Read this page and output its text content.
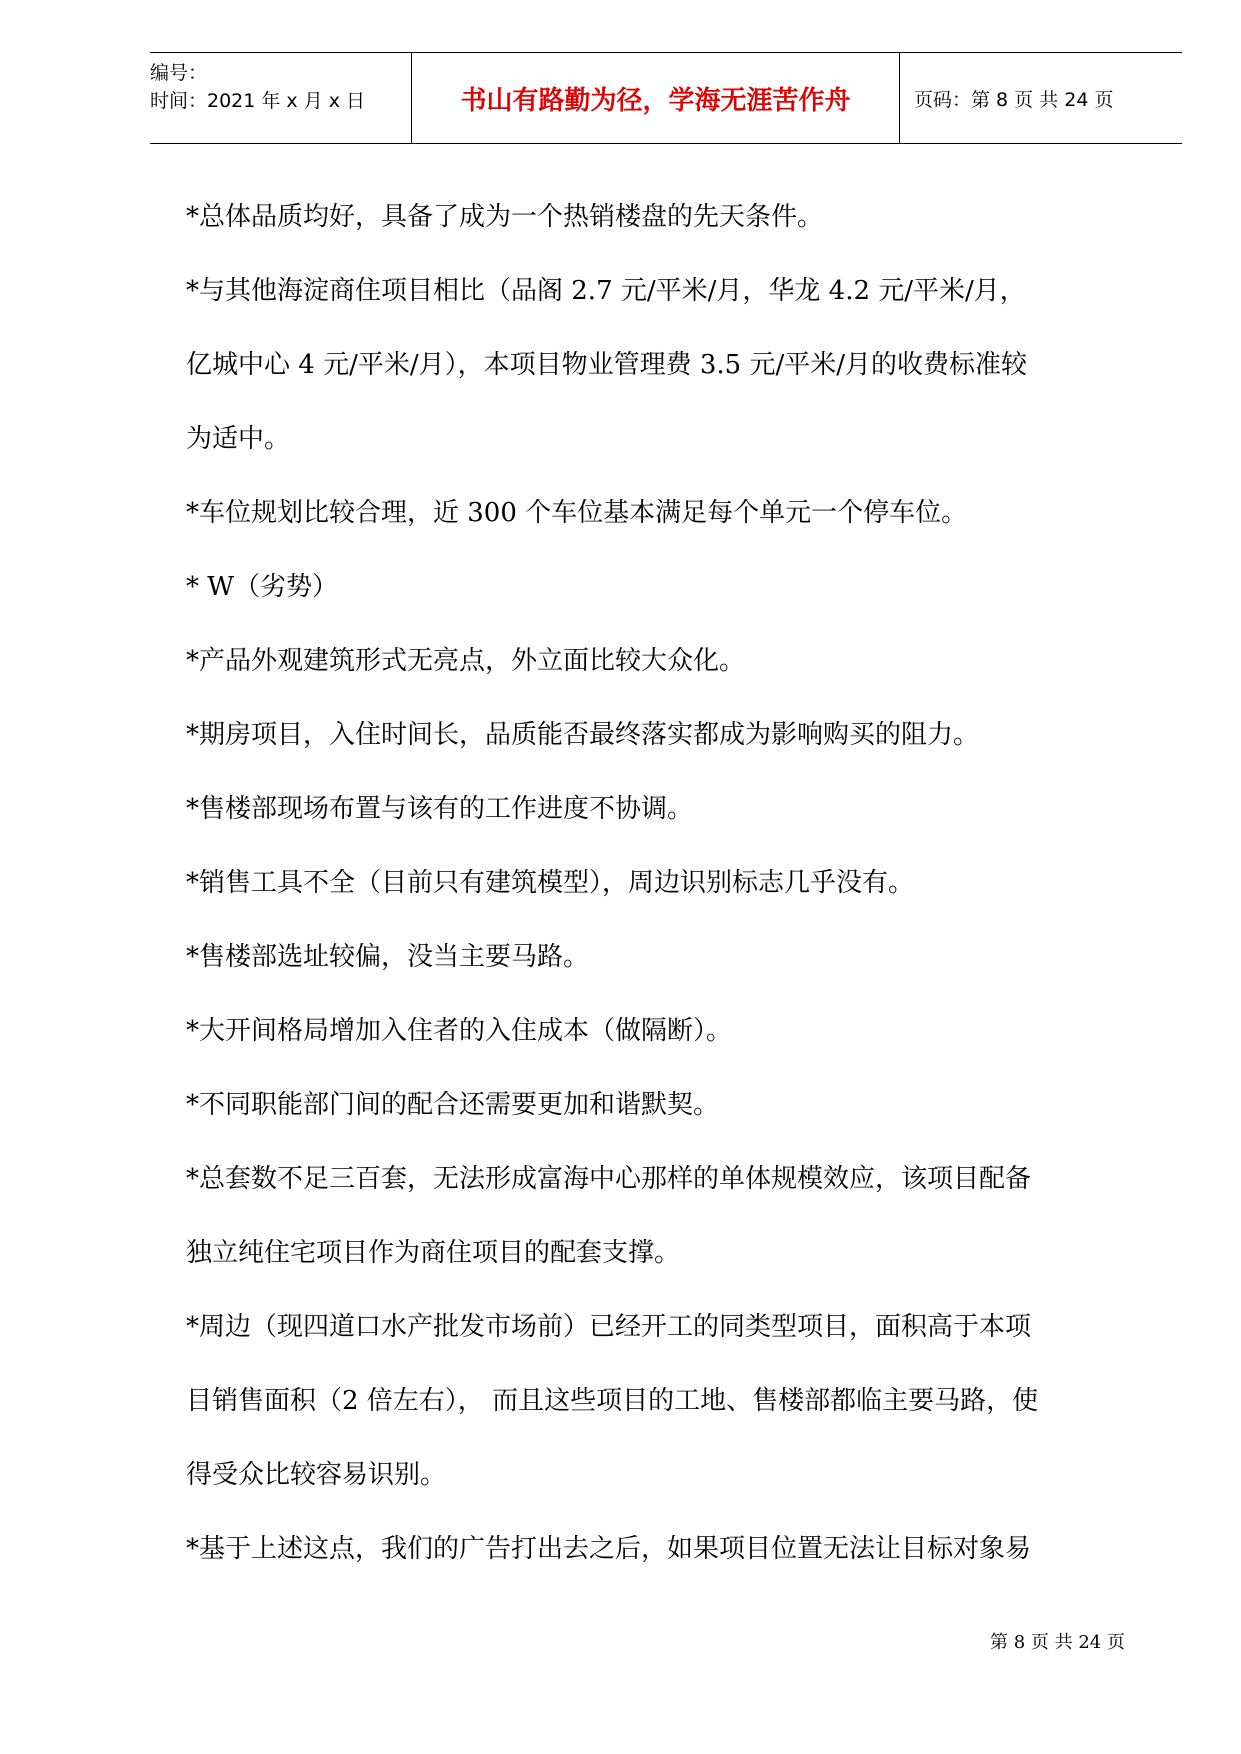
编号：
时间：2021 年 x 月 x 日	书山有路勤为径，学海无涯苦作舟	页码：第 8 页 共 24 页

*总体品质均好，具备了成为一个热销楼盘的先天条件。

*与其他海淀商住项目相比（品阁 2.7 元/平米/月，华龙 4.2 元/平米/月，

亿城中心 4 元/平米/月），本项目物业管理费 3.5 元/平米/月的收费标准较

为适中。

*车位规划比较合理，近 300 个车位基本满足每个单元一个停车位。

* W（劣势）

*产品外观建筑形式无亮点，外立面比较大众化。

*期房项目，入住时间长，品质能否最终落实都成为影响购买的阻力。

*售楼部现场布置与该有的工作进度不协调。

*销售工具不全（目前只有建筑模型），周边识别标志几乎没有。

*售楼部选址较偏，没当主要马路。

*大开间格局增加入住者的入住成本（做隔断）。

*不同职能部门间的配合还需要更加和谐默契。

*总套数不足三百套，无法形成富海中心那样的单体规模效应，该项目配备

独立纯住宅项目作为商住项目的配套支撑。

*周边（现四道口水产批发市场前）已经开工的同类型项目，面积高于本项

目销售面积（2 倍左右）， 而且这些项目的工地、售楼部都临主要马路，使

得受众比较容易识别。

*基于上述这点，我们的广告打出去之后，如果项目位置无法让目标对象易

第 8 页 共 24 页
